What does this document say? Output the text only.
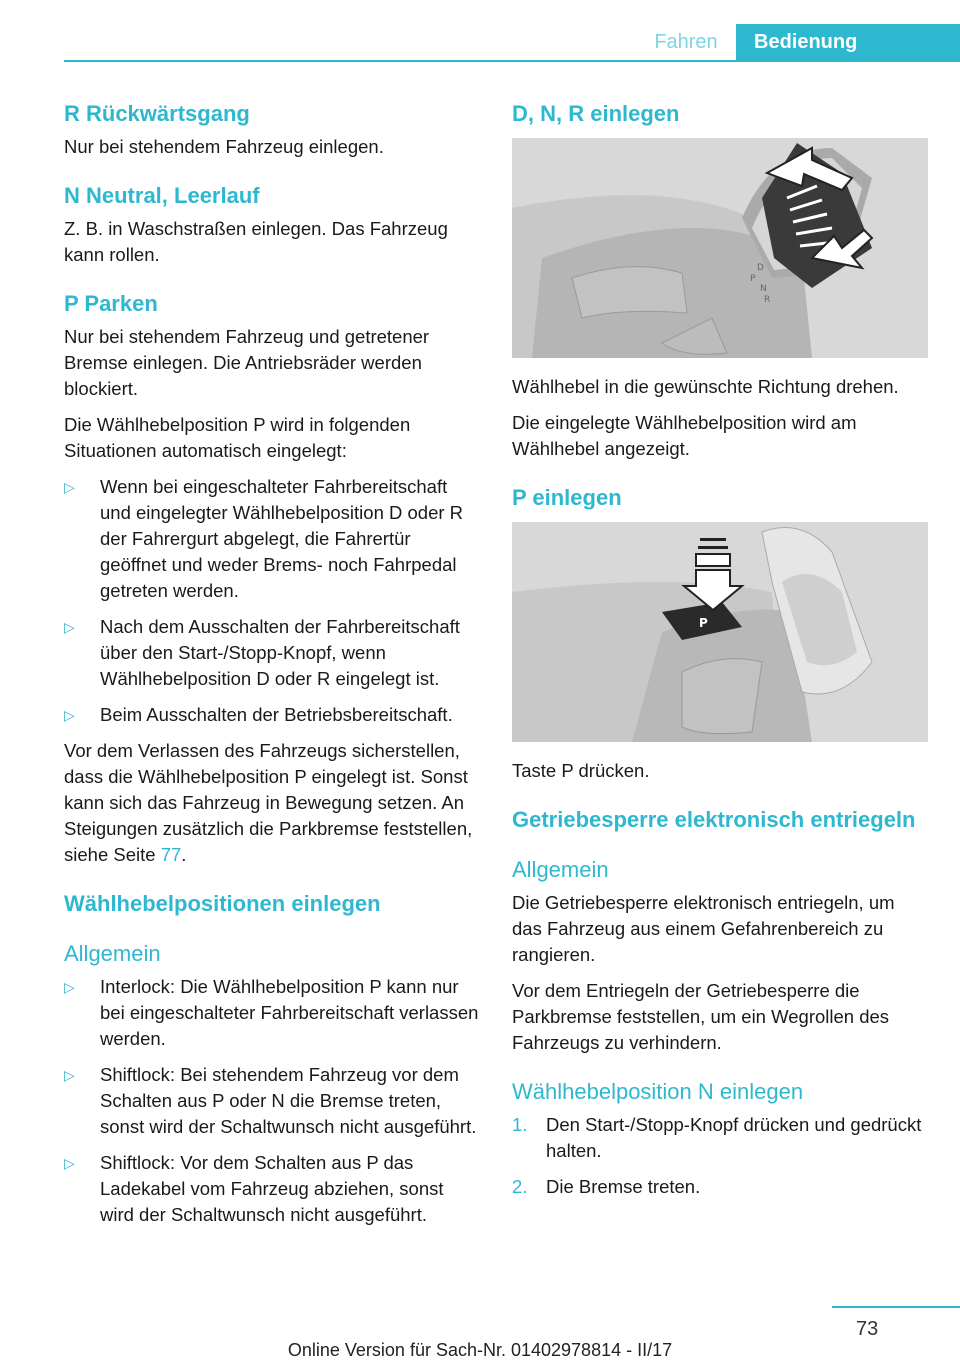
Fahren	Bedienung
R Rückwärtsgang

Nur bei stehendem Fahrzeug einlegen.

N Neutral, Leerlauf

Z. B. in Waschstraßen einlegen. Das Fahrzeug kann rollen.

P Parken

Nur bei stehendem Fahrzeug und getretener Bremse einlegen. Die Antriebsräder werden blockiert.

Die Wählhebelposition P wird in folgenden Situationen automatisch eingelegt:

▷ Wenn bei eingeschalteter Fahrbereitschaft und eingelegter Wählhebelposition D oder R der Fahrergurt abgelegt, die Fahrertür geöffnet und weder Brems- noch Fahrpedal getreten werden.
▷ Nach dem Ausschalten der Fahrbereitschaft über den Start-/Stopp-Knopf, wenn Wählhebelposition D oder R eingelegt ist.
▷ Beim Ausschalten der Betriebsbereitschaft.

Vor dem Verlassen des Fahrzeugs sicherstellen, dass die Wählhebelposition P eingelegt ist. Sonst kann sich das Fahrzeug in Bewegung setzen. An Steigungen zusätzlich die Parkbremse feststellen, siehe Seite 77.

Wählhebelpositionen einlegen
Allgemein
▷ Interlock: Die Wählhebelposition P kann nur bei eingeschalteter Fahrbereitschaft verlassen werden.
▷ Shiftlock: Bei stehendem Fahrzeug vor dem Schalten aus P oder N die Bremse treten, sonst wird der Schaltwunsch nicht ausgeführt.
▷ Shiftlock: Vor dem Schalten aus P das Ladekabel vom Fahrzeug abziehen, sonst wird der Schaltwunsch nicht ausgeführt.
D, N, R einlegen
D
P
N
R

Wählhebel in die gewünschte Richtung drehen.

Die eingelegte Wählhebelposition wird am Wählhebel angezeigt.

P einlegen
P

Taste P drücken.

Getriebesperre elektronisch entriegeln
Allgemein

Die Getriebesperre elektronisch entriegeln, um das Fahrzeug aus einem Gefahrenbereich zu rangieren.

Vor dem Entriegeln der Getriebesperre die Parkbremse feststellen, um ein Wegrollen des Fahrzeugs zu verhindern.

Wählhebelposition N einlegen
1. Den Start-/Stopp-Knopf drücken und gedrückt halten.
2. Die Bremse treten.
73
Online Version für Sach-Nr. 01402978814 - II/17
